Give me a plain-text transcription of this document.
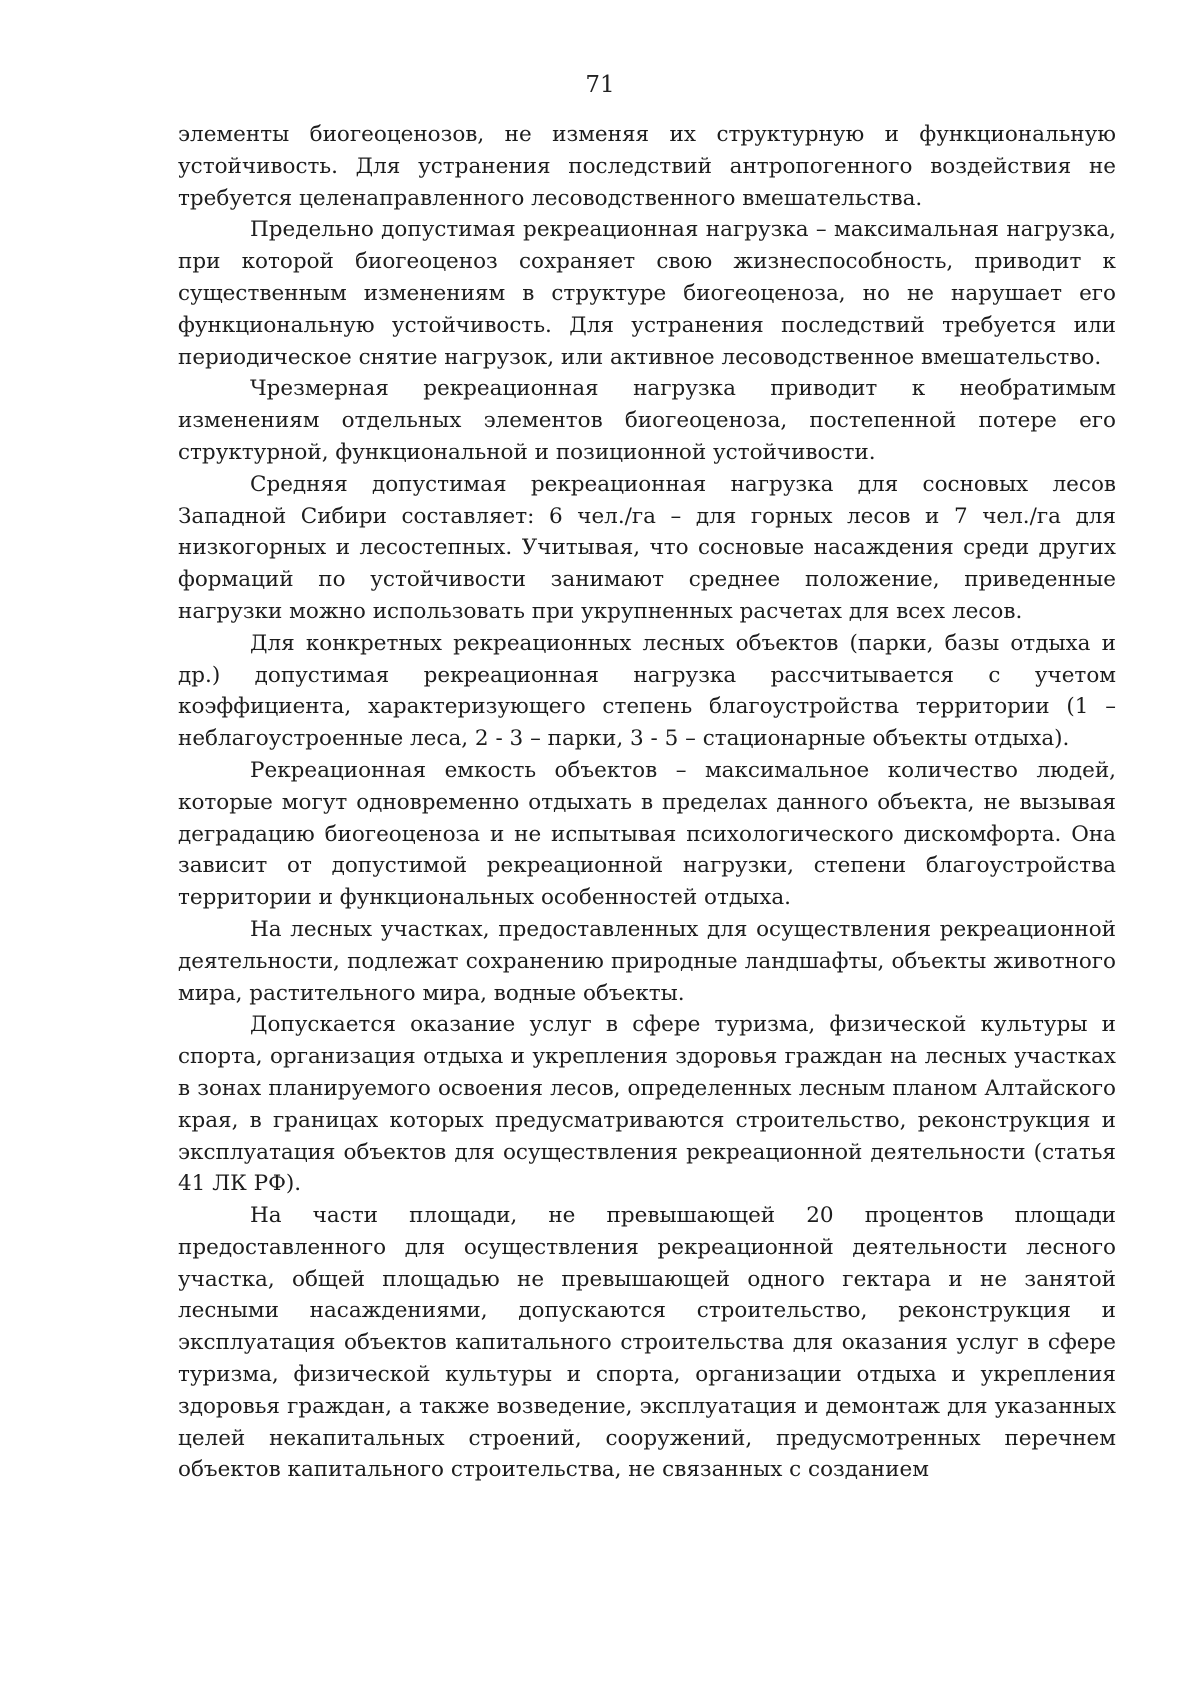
71

элементы биогеоценозов, не изменяя их структурную и функциональную устойчивость. Для устранения последствий антропогенного воздействия не требуется целенаправленного лесоводственного вмешательства.

Предельно допустимая рекреационная нагрузка – максимальная нагрузка, при которой биогеоценоз сохраняет свою жизнеспособность, приводит к существенным изменениям в структуре биогеоценоза, но не нарушает его функциональную устойчивость. Для устранения последствий требуется или периодическое снятие нагрузок, или активное лесоводственное вмешательство.

Чрезмерная рекреационная нагрузка приводит к необратимым изменениям отдельных элементов биогеоценоза, постепенной потере его структурной, функциональной и позиционной устойчивости.

Средняя допустимая рекреационная нагрузка для сосновых лесов Западной Сибири составляет: 6 чел./га – для горных лесов и 7 чел./га для низкогорных и лесостепных. Учитывая, что сосновые насаждения среди других формаций по устойчивости занимают среднее положение, приведенные нагрузки можно использовать при укрупненных расчетах для всех лесов.

Для конкретных рекреационных лесных объектов (парки, базы отдыха и др.) допустимая рекреационная нагрузка рассчитывается с учетом коэффициента, характеризующего степень благоустройства территории (1 – неблагоустроенные леса, 2 - 3 – парки, 3 - 5 – стационарные объекты отдыха).

Рекреационная емкость объектов – максимальное количество людей, которые могут одновременно отдыхать в пределах данного объекта, не вызывая деградацию биогеоценоза и не испытывая психологического дискомфорта. Она зависит от допустимой рекреационной нагрузки, степени благоустройства территории и функциональных особенностей отдыха.

На лесных участках, предоставленных для осуществления рекреационной деятельности, подлежат сохранению природные ландшафты, объекты животного мира, растительного мира, водные объекты.

Допускается оказание услуг в сфере туризма, физической культуры и спорта, организация отдыха и укрепления здоровья граждан на лесных участках в зонах планируемого освоения лесов, определенных лесным планом Алтайского края, в границах которых предусматриваются строительство, реконструкция и эксплуатация объектов для осуществления рекреационной деятельности (статья 41 ЛК РФ).

На части площади, не превышающей 20 процентов площади предоставленного для осуществления рекреационной деятельности лесного участка, общей площадью не превышающей одного гектара и не занятой лесными насаждениями, допускаются строительство, реконструкция и эксплуатация объектов капитального строительства для оказания услуг в сфере туризма, физической культуры и спорта, организации отдыха и укрепления здоровья граждан, а также возведение, эксплуатация и демонтаж для указанных целей некапитальных строений, сооружений, предусмотренных перечнем объектов капитального строительства, не связанных с созданием
